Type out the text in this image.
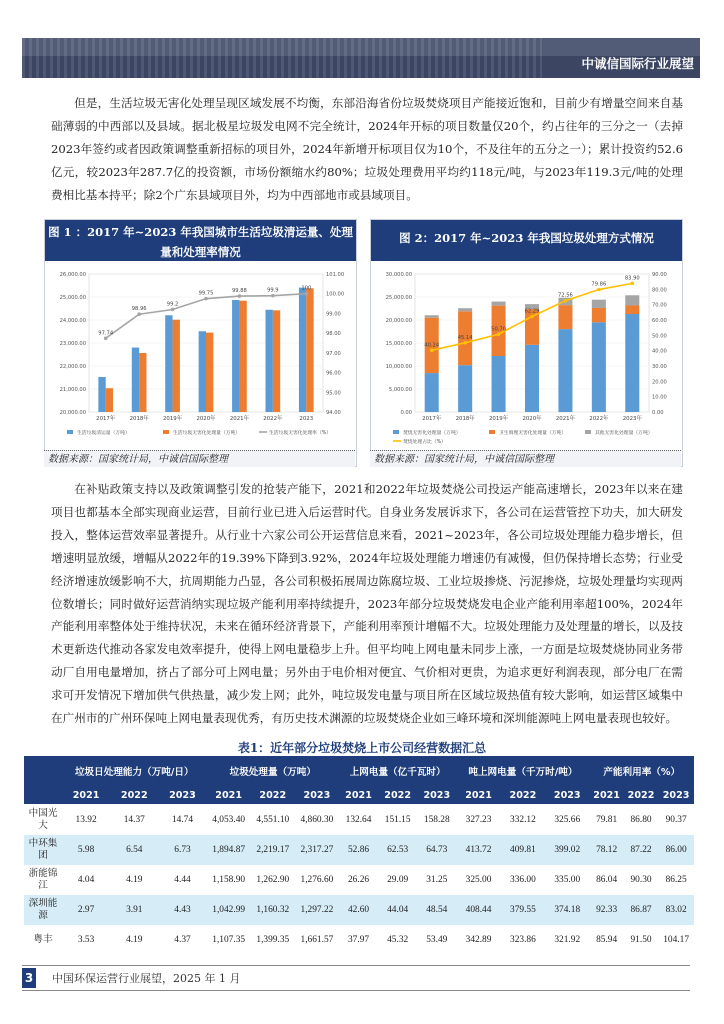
中诚信国际行业展望

但是，生活垃圾无害化处理呈现区域发展不均衡，东部沿海省份垃圾焚烧项目产能接近饱和，目前少有增量空间来自基础薄弱的中西部以及县域。据北极星垃圾发电网不完全统计，2024年开标的项目数量仅20个，约占往年的三分之一（去掉2023年签约或者因政策调整重新招标的项目外，2024年新增开标项目仅为10个，不及往年的五分之一）；累计投资约52.6亿元，较2023年287.7亿的投资额，市场份额缩水约80%；垃圾处理费用平均约118元/吨，与2023年119.3元/吨的处理费相比基本持平；除2个广东县域项目外，均为中西部地市或县域项目。

图 1 ：2017 年~2023 年我国城市生活垃圾清运量、处理量和处理率情况
20,000.00
21,000.00
22,000.00
23,000.00
24,000.00
25,000.00
26,000.00
94.00
95.00
96.00
97.00
98.00
99.00
100.00
101.00
97.74
98.96
99.2
99.75	99.88	99.9	100
2017年	2018年	2019年	2020年	2021年	2022年	2023
生活垃圾清运量（万吨）	生活垃圾无害化处理量（万吨）	生活垃圾无害化处理率（%）
数据来源：国家统计局，中诚信国际整理
图 2：2017 年~2023 年我国垃圾处理方式情况
0.00
5,000.00
10,000.00
15,000.00
20,000.00
25,000.00
30,000.00
0.00
10.00
20.00
30.00
40.00
50.00
60.00
70.00
80.00
90.00
40.24
45.14
50.70
62.29
72.56
79.86
83.90
2017年	2018年	2019年	2020年	2021年	2022年	2023年
焚烧无害化处理量（万吨）	卫生填埋无害化处理量（万吨）	其他无害化处理量（万吨）
焚烧处理占比（%）
数据来源：国家统计局，中诚信国际整理

在补贴政策支持以及政策调整引发的抢装产能下，2021和2022年垃圾焚烧公司投运产能高速增长，2023年以来在建项目也都基本全部实现商业运营，目前行业已进入后运营时代。自身业务发展诉求下，各公司在运营管控下功夫，加大研发投入，整体运营效率显著提升。从行业十六家公司公开运营信息来看，2021~2023年，各公司垃圾处理能力稳步增长，但增速明显放缓，增幅从2022年的19.39%下降到3.92%，2024年垃圾处理能力增速仍有减慢，但仍保持增长态势；行业受经济增速放缓影响不大，抗周期能力凸显，各公司积极拓展周边陈腐垃圾、工业垃圾掺烧、污泥掺烧，垃圾处理量均实现两位数增长；同时做好运营消纳实现垃圾产能利用率持续提升，2023年部分垃圾焚烧发电企业产能利用率超100%，2024年产能利用率整体处于维持状况，未来在循环经济背景下，产能利用率预计增幅不大。垃圾处理能力及处理量的增长，以及技术更新迭代推动各家发电效率提升，使得上网电量稳步上升。但平均吨上网电量未同步上涨，一方面是垃圾焚烧协同业务带动厂自用电量增加，挤占了部分可上网电量；另外由于电价相对便宜、气价相对更贵，为追求更好利润表现，部分电厂在需求可开发情况下增加供气供热量，减少发上网；此外，吨垃圾发电量与项目所在区域垃圾热值有较大影响，如运营区域集中在广州市的广州环保吨上网电量表现优秀，有历史技术渊源的垃圾焚烧企业如三峰环境和深圳能源吨上网电量表现也较好。

表1：近年部分垃圾焚烧上市公司经营数据汇总
	垃圾日处理能力（万吨/日）			垃圾处理量（万吨）			上网电量（亿千瓦时）			吨上网电量（千万时/吨）			产能利用率（%）		
	2021	2022	2023	2021	2022	2023	2021	2022	2023	2021	2022	2023	2021	2022	2023
中国光大	13.92	14.37	14.74	4,053.40	4,551.10	4,860.30	132.64	151.15	158.28	327.23	332.12	325.66	79.81	86.80	90.37
中环集团	5.98	6.54	6.73	1,894.87	2,219.17	2,317.27	52.86	62.53	64.73	413.72	409.81	399.02	78.12	87.22	86.00
浙能锦江	4.04	4.19	4.44	1,158.90	1,262.90	1,276.60	26.26	29.09	31.25	325.00	336.00	335.00	86.04	90.30	86.25
深圳能源	2.97	3.91	4.43	1,042.99	1,160.32	1,297.22	42.60	44.04	48.54	408.44	379.55	374.18	92.33	86.87	83.02
粤丰	3.53	4.19	4.37	1,107.35	1,399.35	1,661.57	37.97	45.32	53.49	342.89	323.86	321.92	85.94	91.50	104.17
3 中国环保运营行业展望，2025 年 1 月
